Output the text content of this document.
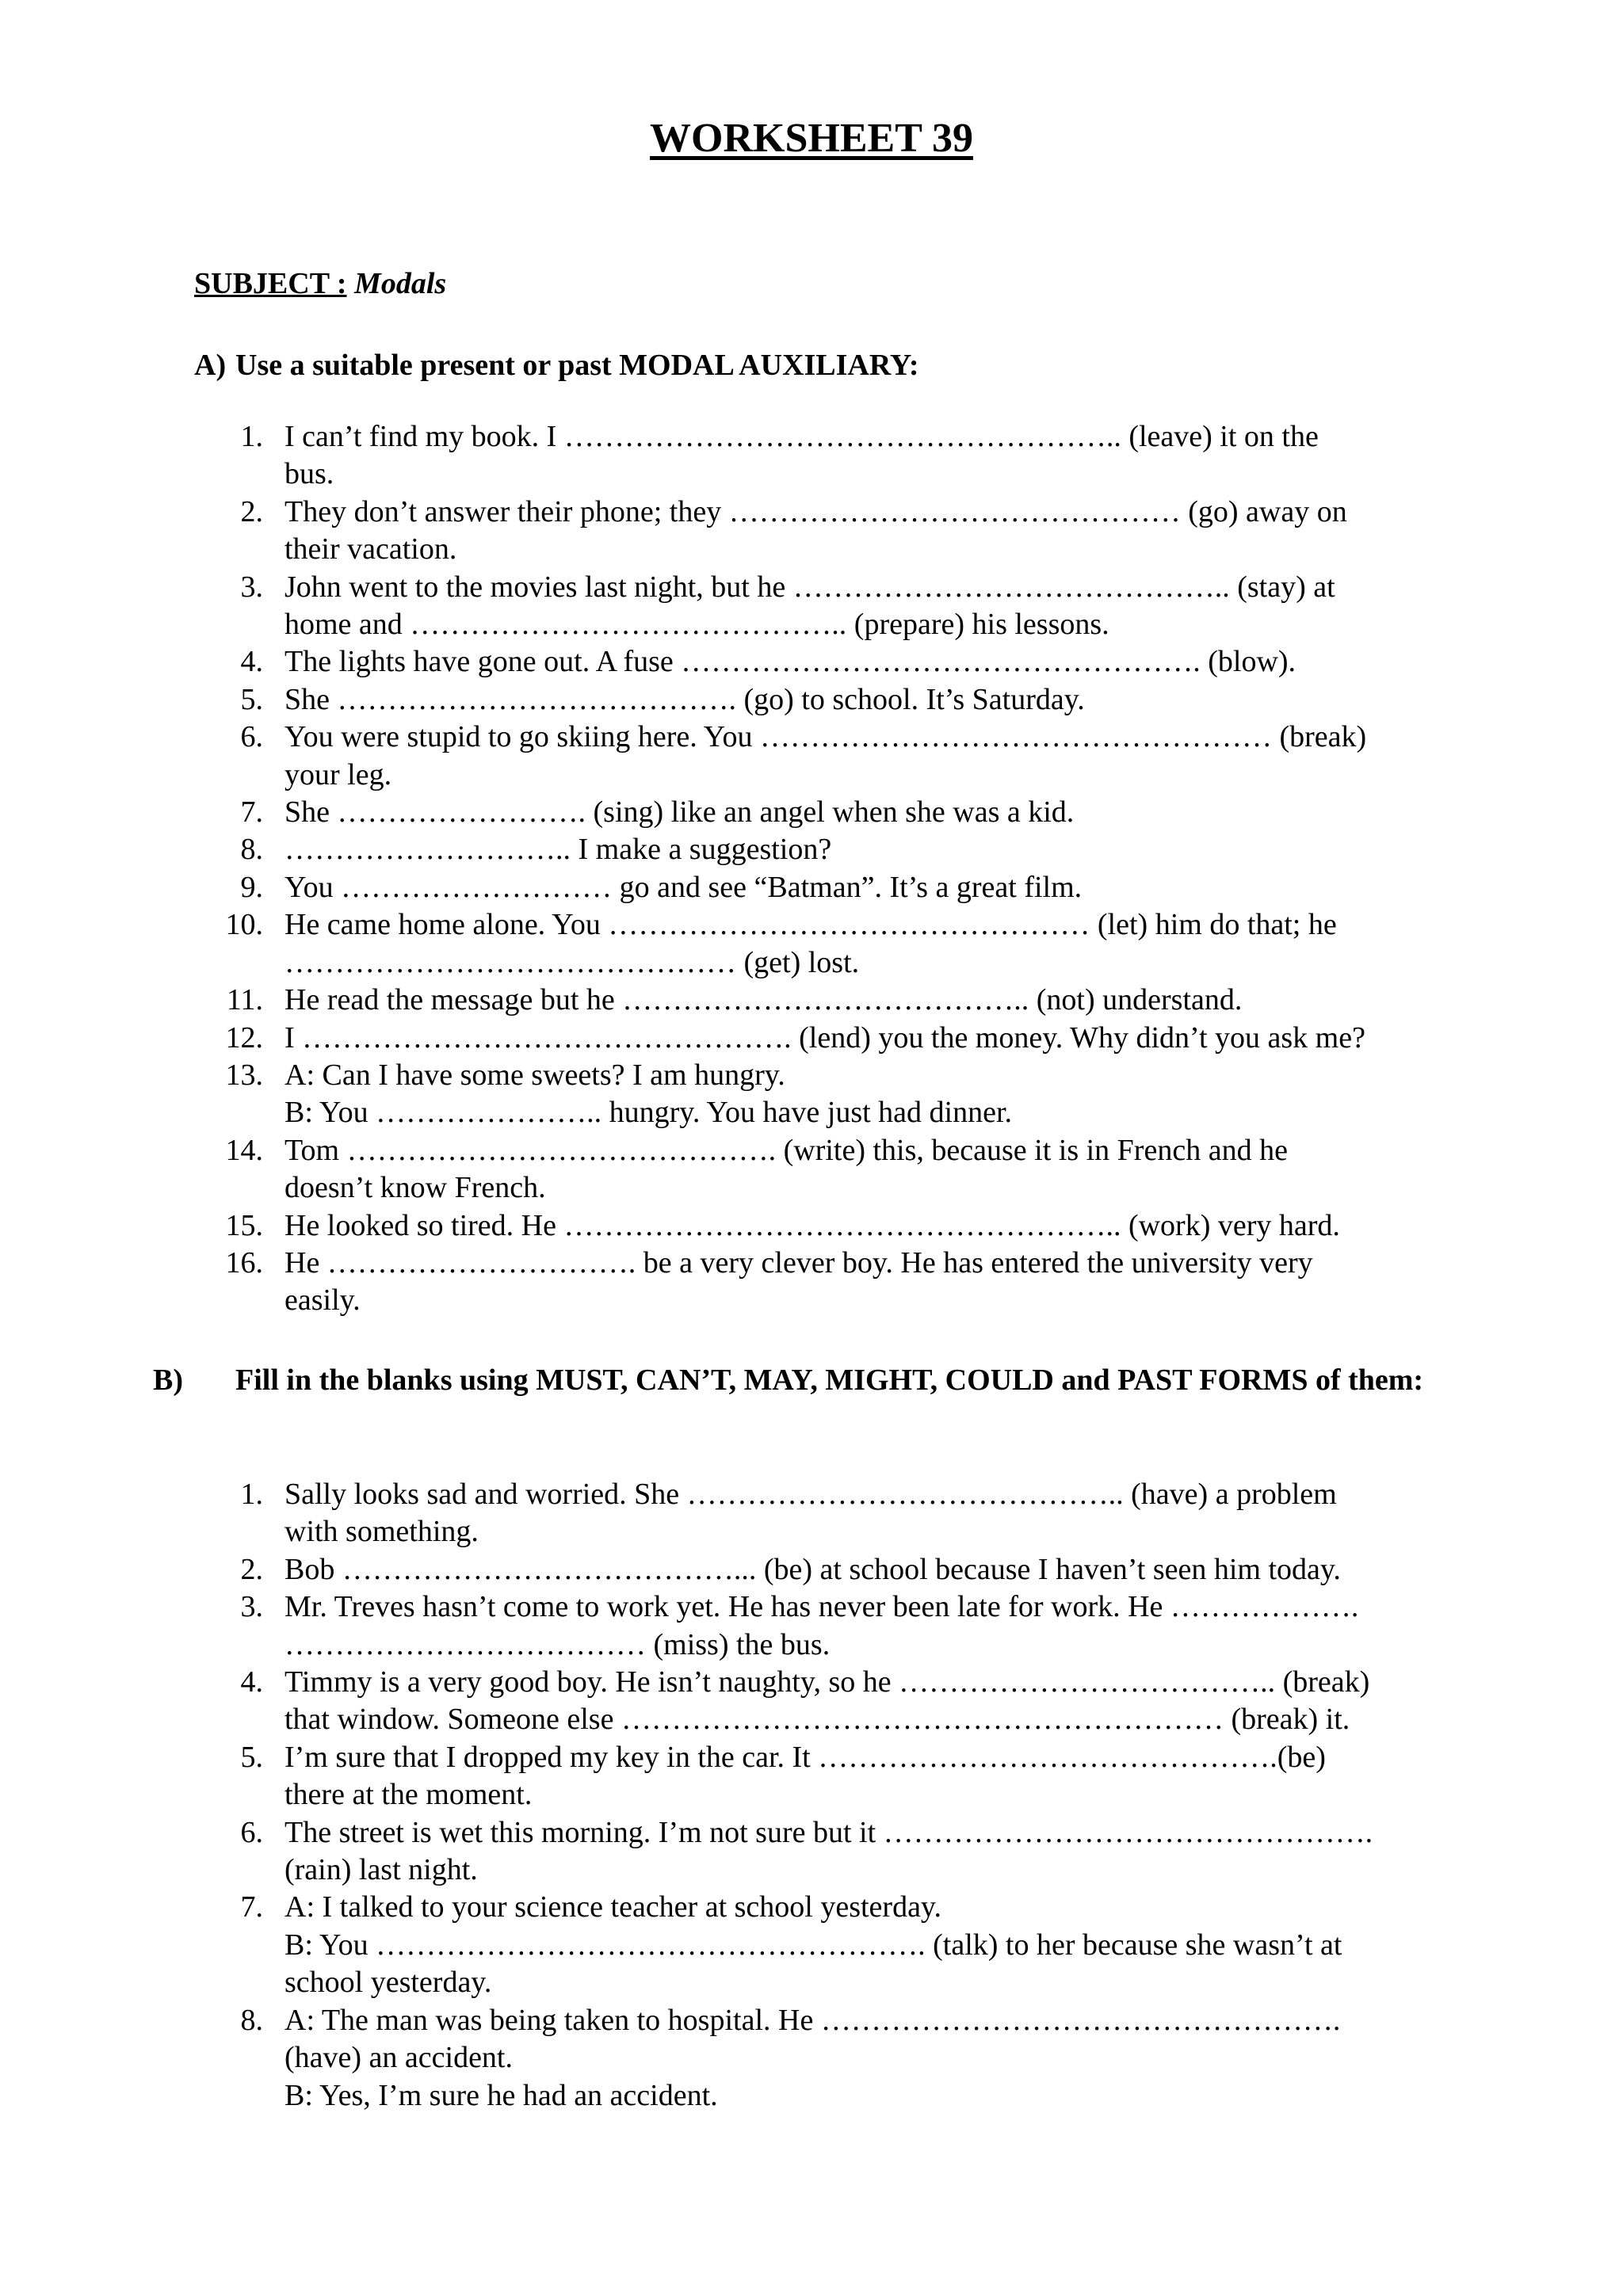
WORKSHEET 39

SUBJECT : Modals

A) Use a suitable present or past MODAL AUXILIARY:

1. I can’t find my book. I ……………………………………………….. (leave) it on the
bus.
2. They don’t answer their phone; they ……………………………………… (go) away on
their vacation.
3. John went to the movies last night, but he …………………………………….. (stay) at
home and …………………………………….. (prepare) his lessons.
4. The lights have gone out. A fuse ……………………………………………. (blow).
5. She …………………………………. (go) to school. It’s Saturday.
6. You were stupid to go skiing here. You …………………………………………… (break)
your leg.
7. She ……………………. (sing) like an angel when she was a kid.
8. ……………………….. I make a suggestion?
9. You ……………………… go and see “Batman”. It’s a great film.
10. He came home alone. You ………………………………………… (let) him do that; he
……………………………………… (get) lost.
11. He read the message but he ………………………………….. (not) understand.
12. I …………………………………………. (lend) you the money. Why didn’t you ask me?
13. A: Can I have some sweets? I am hungry.
B: You ………………….. hungry. You have just had dinner.
14. Tom ……………………………………. (write) this, because it is in French and he
doesn’t know French.
15. He looked so tired. He ……………………………………………….. (work) very hard.
16. He …………………………. be a very clever boy. He has entered the university very
easily.

B) Fill in the blanks using MUST, CAN’T, MAY, MIGHT, COULD and PAST FORMS of them:

1. Sally looks sad and worried. She …………………………………….. (have) a problem
with something.
2. Bob …………………………………... (be) at school because I haven’t seen him today.
3. Mr. Treves hasn’t come to work yet. He has never been late for work. He ……………….
……………………………… (miss) the bus.
4. Timmy is a very good boy. He isn’t naughty, so he ……………………………….. (break)
that window. Someone else …………………………………………………… (break) it.
5. I’m sure that I dropped my key in the car. It ……………………………………….(be)
there at the moment.
6. The street is wet this morning. I’m not sure but it ………………………………………….
(rain) last night.
7. A: I talked to your science teacher at school yesterday.
B: You ………………………………………………. (talk) to her because she wasn’t at
school yesterday.
8. A: The man was being taken to hospital. He …………………………………………….
(have) an accident.
B: Yes, I’m sure he had an accident.
